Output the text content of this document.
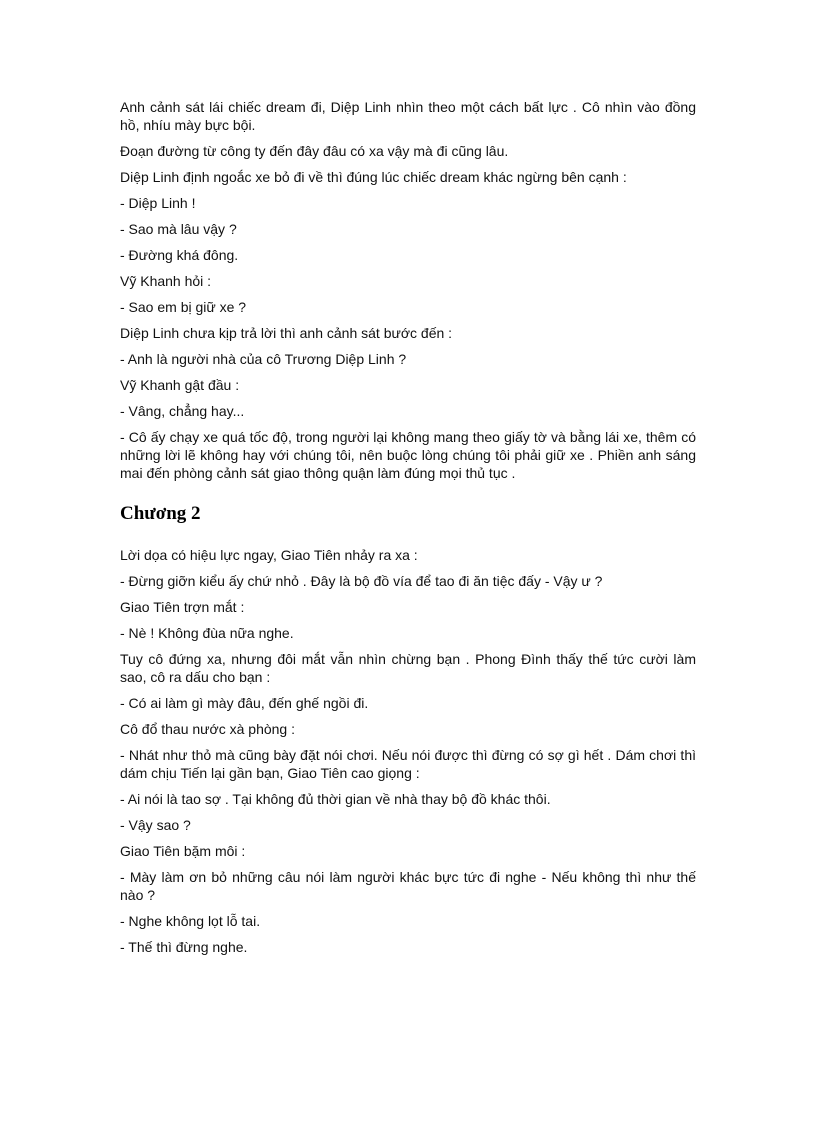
Anh cảnh sát lái chiếc dream đi, Diệp Linh nhìn theo một cách bất lực . Cô nhìn vào đồng hồ, nhíu mày bực bội.

Đoạn đường từ công ty đến đây đâu có xa vậy mà đi cũng lâu.

Diệp Linh định ngoắc xe bỏ đi về thì đúng lúc chiếc dream khác ngừng bên cạnh :

- Diệp Linh !

- Sao mà lâu vậy ?

- Đường khá đông.

Vỹ Khanh hỏi :

- Sao em bị giữ xe ?

Diệp Linh chưa kịp trả lời thì anh cảnh sát bước đến :

- Anh là người nhà của cô Trương Diệp Linh ?

Vỹ Khanh gật đầu :

- Vâng, chẳng hay...

- Cô ấy chạy xe quá tốc độ, trong người lại không mang theo giấy tờ và bằng lái xe, thêm có những lời lẽ không hay với chúng tôi, nên buộc lòng chúng tôi phải giữ xe . Phiền anh sáng mai đến phòng cảnh sát giao thông quận làm đúng mọi thủ tục .

Chương 2

Lời dọa có hiệu lực ngay, Giao Tiên nhảy ra xa :

- Đừng giỡn kiểu ấy chứ nhỏ . Đây là bộ đồ vía để tao đi ăn tiệc đấy - Vậy ư ?

Giao Tiên trợn mắt :

- Nè ! Không đùa nữa nghe.

Tuy cô đứng xa, nhưng đôi mắt vẫn nhìn chừng bạn . Phong Đình thấy thế tức cười làm sao, cô ra dấu cho bạn :

- Có ai làm gì mày đâu, đến ghế ngồi đi.

Cô đổ thau nước xà phòng :

- Nhát như thỏ mà cũng bày đặt nói chơi. Nếu nói được thì đừng có sợ gì hết . Dám chơi thì dám chịu Tiến lại gần bạn, Giao Tiên cao giọng :

- Ai nói là tao sợ . Tại không đủ thời gian về nhà thay bộ đồ khác thôi.

- Vậy sao ?

Giao Tiên bặm môi :

- Mày làm ơn bỏ những câu nói làm người khác bực tức đi nghe - Nếu không thì như thế nào ?

- Nghe không lọt lỗ tai.

- Thế thì đừng nghe.
